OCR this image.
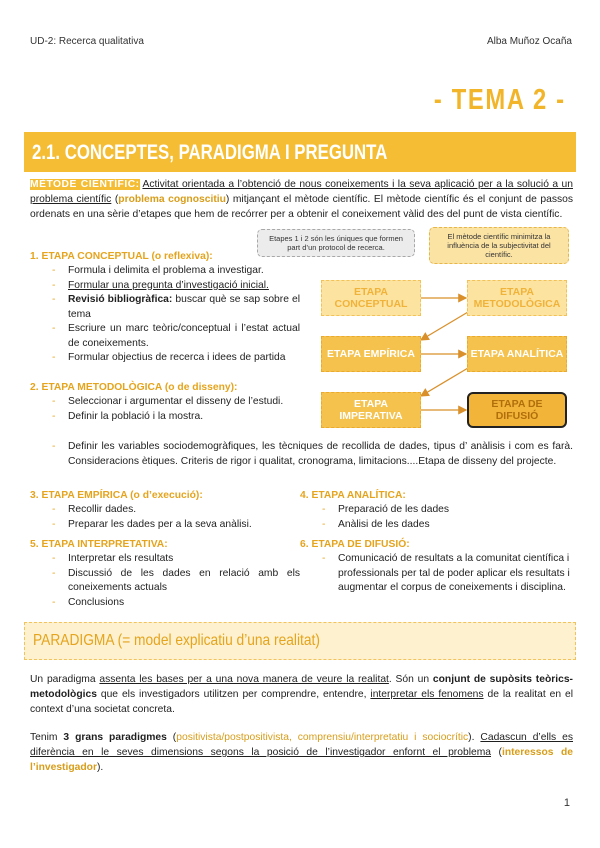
UD-2: Recerca qualitativa	Alba Muñoz Ocaña
- TEMA 2 -
2.1. CONCEPTES, PARADIGMA I PREGUNTA

MÈTODE CIENTÍFIC: Activitat orientada a l’obtenció de nous coneixements i la seva aplicació per a la solució a un problema científic (problema cognoscitiu) mitjançant el mètode científic. El mètode científic és el conjunt de passos ordenats en una sèrie d’etapes que hem de recórrer per a obtenir el coneixement vàlid des del punt de vista científic.

1. ETAPA CONCEPTUAL (o reflexiva):
- Formula i delimita el problema a investigar.
- Formular una pregunta d’investigació inicial.
- Revisió bibliogràfica: buscar què se sap sobre el tema
- Escriure un marc teòric/conceptual i l’estat actual de coneixements.
- Formular objectius de recerca i idees de partida
2. ETAPA METODOLÒGICA (o de disseny):
- Seleccionar i argumentar el disseny de l’estudi.
- Definir la població i la mostra.
- Definir les variables sociodemogràfiques, les tècniques de recollida de dades, tipus d’ anàlisis i com es farà. Consideracions ètiques. Criteris de rigor i qualitat, cronograma, limitacions....Etapa de disseny del projecte.
3. ETAPA EMPÍRICA (o d’execució):
- Recollir dades.
- Preparar les dades per a la seva anàlisi.
4. ETAPA ANALÍTICA:
- Preparació de les dades
- Anàlisi de les dades
5. ETAPA INTERPRETATIVA:
- Interpretar els resultats
- Discussió de les dades en relació amb els coneixements actuals
- Conclusions
6. ETAPA DE DIFUSIÓ:
- Comunicació de resultats a la comunitat científica i professionals per tal de poder aplicar els resultats i augmentar el corpus de coneixements i disciplina.
Etapes 1 i 2 són les úniques que formen part d’un protocol de recerca.
El mètode científic minimitza la influència de la subjectivitat del científic.
ETAPA CONCEPTUAL
ETAPA METODOLÒGICA
ETAPA EMPÍRICA	ETAPA ANALÍTICA
ETAPA IMPERATIVA
ETAPA DE DIFUSIÓ
PARADIGMA (= model explicatiu d’una realitat)

Un paradigma assenta les bases per a una nova manera de veure la realitat. Són un conjunt de supòsits teòrics-metodològics que els investigadors utilitzen per comprendre, entendre, interpretar els fenomens de la realitat en el context d’una societat concreta.

Tenim 3 grans paradigmes (positivista/postpositivista, comprensiu/interpretatiu i sociocrític). Cadascun d’ells es diferència en le seves dimensions segons la posició de l’investigador enfornt el problema (interessos de l’investigador).

1
